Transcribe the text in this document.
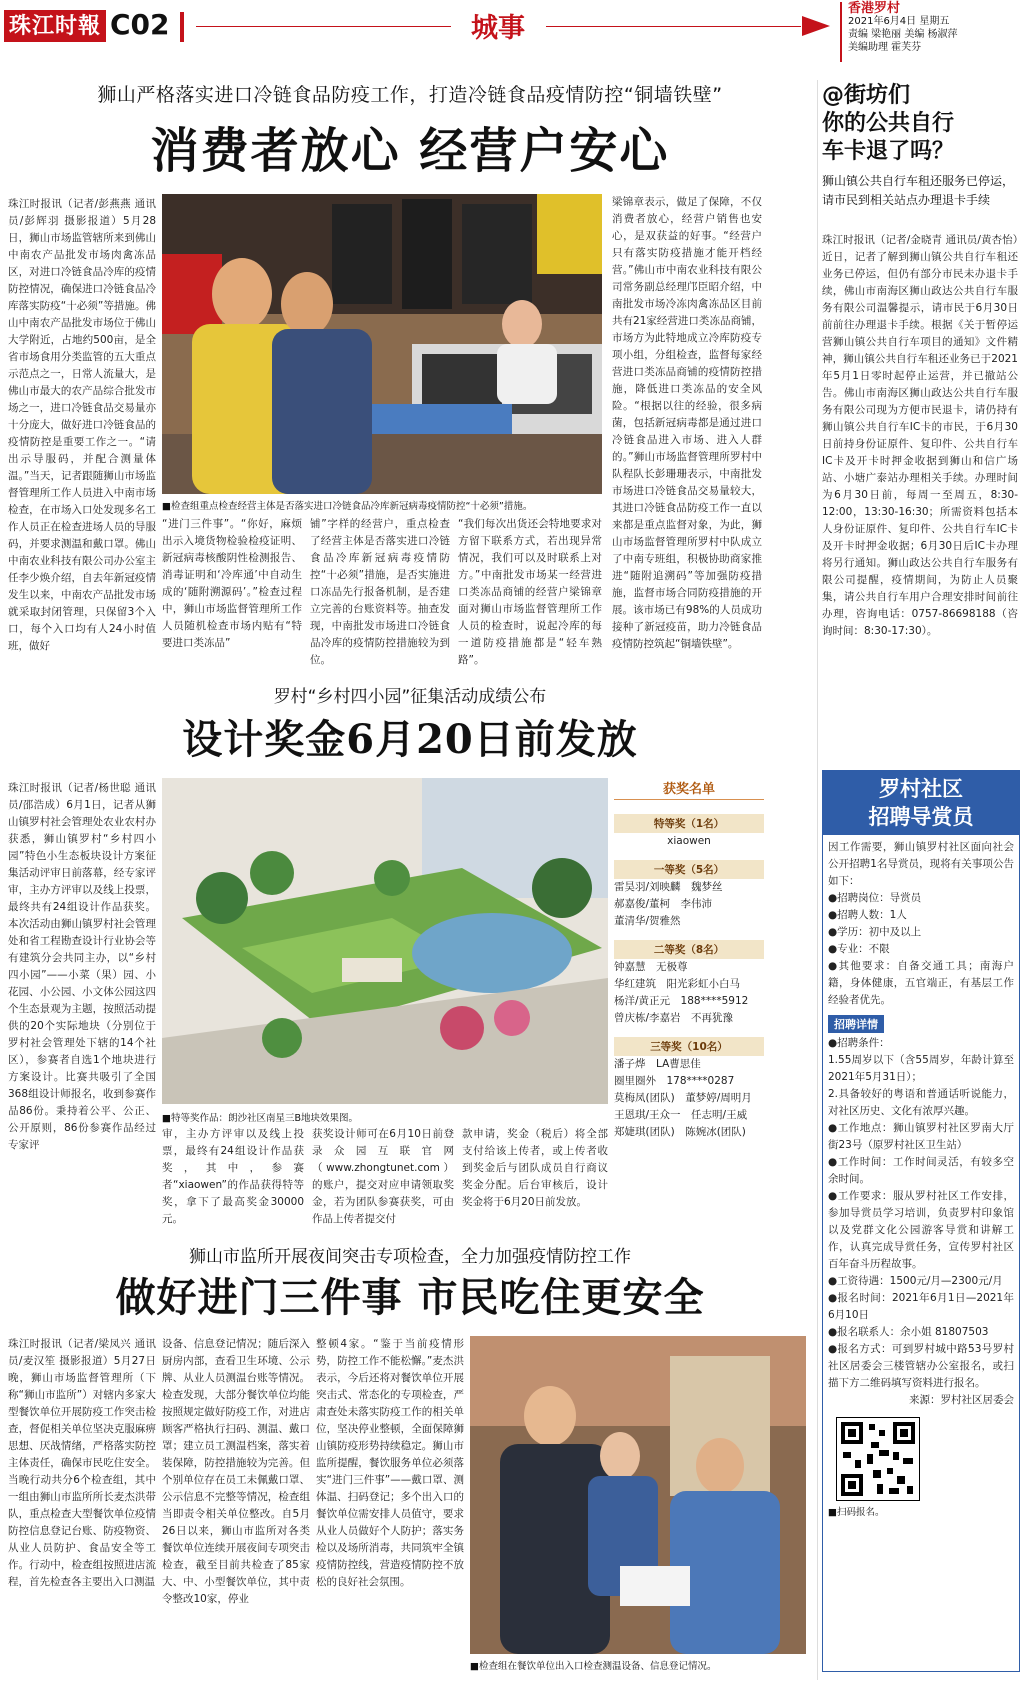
珠江时報 C02	城事
香港罗村
2021年6月4日 星期五
责编 梁艳丽 美编 杨淑萍
美编助理 霍芙芬
狮山严格落实进口冷链食品防疫工作，打造冷链食品疫情防控“铜墙铁壁”
消费者放心 经营户安心
珠江时报讯（记者/彭燕燕 通讯员/彭辉羽 摄影报道）5月28日，狮山市场监管辖所来到佛山中南农产品批发市场肉禽冻品区，对进口冷链食品冷库的疫情防控情况，确保进口冷链食品冷库落实防疫“十必须”等措施。佛山中南农产品批发市场位于佛山大学附近，占地约500亩，是全省市场食用分类监管的五大重点示范点之一，日常人流量大，是佛山市最大的农产品综合批发市场之一，进口冷链食品交易量亦十分庞大，做好进口冷链食品的疫情防控是重要工作之一。“请出示导服码，并配合测量体温。”当天，记者跟随狮山市场监督管理所工作人员进入中南市场检查，在市场入口处发现多名工作人员正在检查进场人员的导服码，并要求测温和戴口罩。佛山中南农业科技有限公司办公室主任李少焕介绍，自去年新冠疫情发生以来，中南农产品批发市场就采取封闭管理，只保留3个入口，每个入口均有人24小时值班，做好
■检查组重点检查经营主体是否落实进口冷链食品冷库新冠病毒疫情防控“十必须”措施。
“进门三件事”。“你好，麻烦出示入境货物检验检疫证明、新冠病毒核酸阴性检测报告、消毒证明和‘冷库通’中自动生成的‘随附溯源码’。”检查过程中，狮山市场监督管理所工作人员随机检查市场内贴有“特要进口类冻品”
铺”字样的经营户，重点检查了经营主体是否落实进口冷链食品冷库新冠病毒疫情防控“十必须”措施，是否实施进口冻品先行报备机制，是否建立完善的台账资料等。抽查发现，中南批发市场进口冷链食品冷库的疫情防控措施较为到位。
“我们每次出货还会特地要求对方留下联系方式，若出现异常情况，我们可以及时联系上对方。”中南批发市场某一经营进口类冻品商铺的经营户梁锦章面对狮山市场监督管理所工作人员的检查时，说起冷库的每一道防疫措施都是“轻车熟路”。
梁锦章表示，做足了保障，不仅消费者放心，经营户销售也安心，是双获益的好事。“经营户只有落实防疫措施才能开档经营。”佛山市中南农业科技有限公司常务副总经理邝臣昭介绍，中南批发市场冷冻肉禽冻品区目前共有21家经营进口类冻品商铺，市场方为此特地成立冷库防疫专项小组，分组检查，监督每家经营进口类冻品商铺的疫情防控措施，降低进口类冻品的安全风险。“根据以往的经验，很多病菌，包括新冠病毒都是通过进口冷链食品进入市场、进入人群的。”狮山市场监督管理所罗村中队程队长彭珊珊表示，中南批发市场进口冷链食品交易量较大，其进口冷链食品防疫工作一直以来都是重点监督对象，为此，狮山市场监督管理所罗村中队成立了中南专班组，积极协助商家推进“随附追溯码”等加强防疫措施，监督市场合同防疫措施的开展。该市场已有98%的人员成功接种了新冠疫苗，助力冷链食品疫情防控筑起“铜墙铁壁”。
@街坊们
你的公共自行
车卡退了吗？
狮山镇公共自行车租还服务已停运，请市民到相关站点办理退卡手续
珠江时报讯（记者/金晓青 通讯员/黄杏怡）近日，记者了解到狮山镇公共自行车租还业务已停运，但仍有部分市民未办退卡手续，佛山市南海区狮山政达公共自行车服务有限公司温馨提示，请市民于6月30日前前往办理退卡手续。根据《关于暂停运营狮山镇公共自行车项目的通知》文件精神，狮山镇公共自行车租还业务已于2021年5月1日零时起停止运营，并已撤站公告。佛山市南海区狮山政达公共自行车服务有限公司现为方便市民退卡，请仍持有狮山镇公共自行车IC卡的市民，于6月30日前持身份证原件、复印件、公共自行车IC卡及开卡时押金收据到狮山和信广场站、小塘广泰站办理相关手续。办理时间为6月30日前，每周一至周五，8:30-12:00，13:30-16:30；所需资料包括本人身份证原件、复印件、公共自行车IC卡及开卡时押金收据；6月30日后IC卡办理将另行通知。狮山政达公共自行车服务有限公司提醒，疫情期间，为防止人员聚集，请公共自行车用户合理安排时间前往办理，咨询电话：0757-86698188（咨询时间：8:30-17:30）。
罗村“乡村四小园”征集活动成绩公布
设计奖金6月20日前发放
珠江时报讯（记者/杨世聪 通讯员/邵浩成）6月1日，记者从狮山镇罗村社会管理处农业农村办获悉，狮山镇罗村“乡村四小园”特色小生态板块设计方案征集活动评审日前落幕，经专家评审，主办方评审以及线上投票，最终共有24组设计作品获奖。本次活动由狮山镇罗村社会管理处和省工程勘查设计行业协会等有建筑分会共同主办，以“乡村四小园”——小菜（果）园、小花园、小公园、小文体公园这四个生态景观为主题，按照活动提供的20个实际地块（分别位于罗村社会管理处下辖的14个社区），参赛者自选1个地块进行方案设计。比赛共吸引了全国368组设计师报名，收到参赛作品86份。秉持着公平、公正、公开原则，86份参赛作品经过专家评
■特等奖作品：朗沙社区南星三B地块效果图。
审，主办方评审以及线上投票，最终有24组设计作品获奖，其中，参赛者“xiaowen”的作品获得特等奖，拿下了最高奖金30000元。
获奖设计师可在6月10日前登录众园互联官网（www.zhongtunet.com）的账户，提交对应申请领取奖金，若为团队参赛获奖，可由作品上传者提交付
款申请，奖金（税后）将全部支付给该上传者，或上传者收到奖金后与团队成员自行商议奖金分配。后台审核后，设计奖金将于6月20日前发放。
获奖名单
特等奖（1名）
xiaowen
一等奖（5名）
雷昊羽/刘映麟　魏梦丝
郝嘉俊/董柯　李伟沛
董清华/贺雅然
二等奖（8名）
钟嘉慧　无极尊
华红建筑　阳光彩虹小白马
杨洋/黄正元　188****5912
曾庆栋/李嘉岩　不再犹豫
三等奖（10名）
潘子烨　LA曹思佳
圈里圈外　178****0287
莫梅凤(团队)　董梦婷/周明月
王恩琪/王众一　任志明/王威
郑婕琪(团队)　陈婉冰(团队)
罗村社区
招聘导赏员
因工作需要，狮山镇罗村社区面向社会公开招聘1名导赏员，现将有关事项公告如下：
●招聘岗位：导赏员
●招聘人数：1人
●学历：初中及以上
●专业：不限
●其他要求：自备交通工具；南海户籍，身体健康，五官端正，有基层工作经验者优先。
招聘详情
●招聘条件：
1.55周岁以下（含55周岁，年龄计算至2021年5月31日）；
2.具备较好的粤语和普通话听说能力，对社区历史、文化有浓厚兴趣。
●工作地点：狮山镇罗村社区罗南大厅街23号（原罗村社区卫生站）
●工作时间：工作时间灵活，有较多空余时间。
●工作要求：服从罗村社区工作安排，参加导赏员学习培训，负责罗村印象馆以及党群文化公园游客导赏和讲解工作，认真完成导赏任务，宣传罗村社区百年奋斗历程故事。
●工资待遇：1500元/月—2300元/月
●报名时间：2021年6月1日—2021年6月10日
●报名联系人：余小姐 81807503
●报名方式：可到罗村城中路53号罗村社区居委会三楼管辖办公室报名，或扫描下方二维码填写资料进行报名。
来源：罗村社区居委会
■扫码报名。
狮山市监所开展夜间突击专项检查，全力加强疫情防控工作
做好进门三件事 市民吃住更安全
珠江时报讯（记者/梁凤兴 通讯员/麦汉笙 摄影报道）5月27日晚，狮山市场监督管理所（下称“狮山市监所”）对辖内多家大型餐饮单位开展防疫工作突击检查，督促相关单位坚决克服麻痹思想、厌战情绪，严格落实防控主体责任，确保市民吃住安全。当晚行动共分6个检查组，其中一组由狮山市监所所长麦杰洪带队，重点检查大型餐饮单位疫情防控信息登记台账、防疫物资、从业人员防护、食品安全等工作。行动中，检查组按照进店流程，首先检查各主要出入口测温
设备、信息登记情况；随后深入厨房内部，查看卫生环境、公示牌、从业人员测温台账等情况。检查发现，大部分餐饮单位均能按照规定做好防疫工作，对进店顾客严格执行扫码、测温、戴口罩；建立员工测温档案，落实着装保障，防控措施较为完善。但个别单位存在员工未佩戴口罩、公示信息不完整等情况，检查组当即责令相关单位整改。自5月26日以来，狮山市监所对各类餐饮单位连续开展夜间专项突击检查，截至目前共检查了85家大、中、小型餐饮单位，其中责令整改10家，停业
整顿4家。“鉴于当前疫情形势，防控工作不能松懈。”麦杰洪表示，今后还将对餐饮单位开展突击式、常态化的专项检查，严肃查处未落实防疫工作的相关单位，坚决停业整顿，全面保障狮山镇防疫形势持续稳定。狮山市监所提醒，餐饮服务单位必须落实“进门三件事”——戴口罩、测体温、扫码登记；多个出入口的餐饮单位需安排人员值守，要求从业人员做好个人防护；落实务检以及场所消毒，共同筑牢全镇疫情防控线，营造疫情防控不放松的良好社会氛围。
■检查组在餐饮单位出入口检查测温设备、信息登记情况。
